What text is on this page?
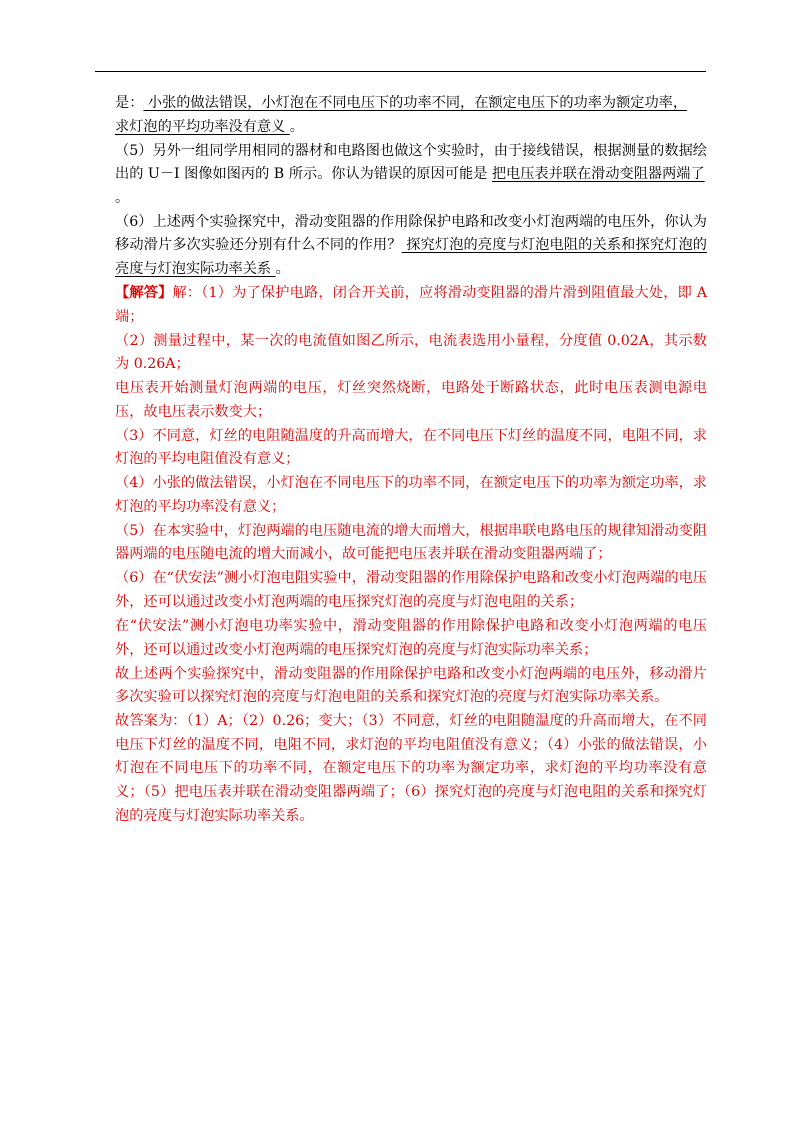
是： 小张的做法错误，小灯泡在不同电压下的功率不同，在额定电压下的功率为额定功率，
求灯泡的平均功率没有意义 。

（5）另外一组同学用相同的器材和电路图也做这个实验时，由于接线错误，根据测量的数据绘出的 U－I 图像如图丙的 B 所示。你认为错误的原因可能是 把电压表并联在滑动变阻器两端了
。

（6）上述两个实验探究中，滑动变阻器的作用除保护电路和改变小灯泡两端的电压外，你认为移动滑片多次实验还分别有什么不同的作用？ 探究灯泡的亮度与灯泡电阻的关系和探究灯泡的亮度与灯泡实际功率关系 。

【解答】解：（1）为了保护电路，闭合开关前，应将滑动变阻器的滑片滑到阻值最大处，即 A 端；

（2）测量过程中，某一次的电流值如图乙所示，电流表选用小量程，分度值 0.02A，其示数为 0.26A；

电压表开始测量灯泡两端的电压，灯丝突然烧断，电路处于断路状态，此时电压表测电源电压，故电压表示数变大；

（3）不同意，灯丝的电阻随温度的升高而增大，在不同电压下灯丝的温度不同，电阻不同，求灯泡的平均电阻值没有意义；

（4）小张的做法错误，小灯泡在不同电压下的功率不同，在额定电压下的功率为额定功率，求灯泡的平均功率没有意义；

（5）在本实验中，灯泡两端的电压随电流的增大而增大，根据串联电路电压的规律知滑动变阻器两端的电压随电流的增大而减小，故可能把电压表并联在滑动变阻器两端了；

（6）在“伏安法”测小灯泡电阻实验中，滑动变阻器的作用除保护电路和改变小灯泡两端的电压外，还可以通过改变小灯泡两端的电压探究灯泡的亮度与灯泡电阻的关系；

在“伏安法”测小灯泡电功率实验中，滑动变阻器的作用除保护电路和改变小灯泡两端的电压外，还可以通过改变小灯泡两端的电压探究灯泡的亮度与灯泡实际功率关系；

故上述两个实验探究中，滑动变阻器的作用除保护电路和改变小灯泡两端的电压外，移动滑片多次实验可以探究灯泡的亮度与灯泡电阻的关系和探究灯泡的亮度与灯泡实际功率关系。

故答案为：（1）A；（2）0.26；变大；（3）不同意，灯丝的电阻随温度的升高而增大，在不同电压下灯丝的温度不同，电阻不同，求灯泡的平均电阻值没有意义；（4）小张的做法错误，小灯泡在不同电压下的功率不同，在额定电压下的功率为额定功率，求灯泡的平均功率没有意义；（5）把电压表并联在滑动变阻器两端了；（6）探究灯泡的亮度与灯泡电阻的关系和探究灯泡的亮度与灯泡实际功率关系。
